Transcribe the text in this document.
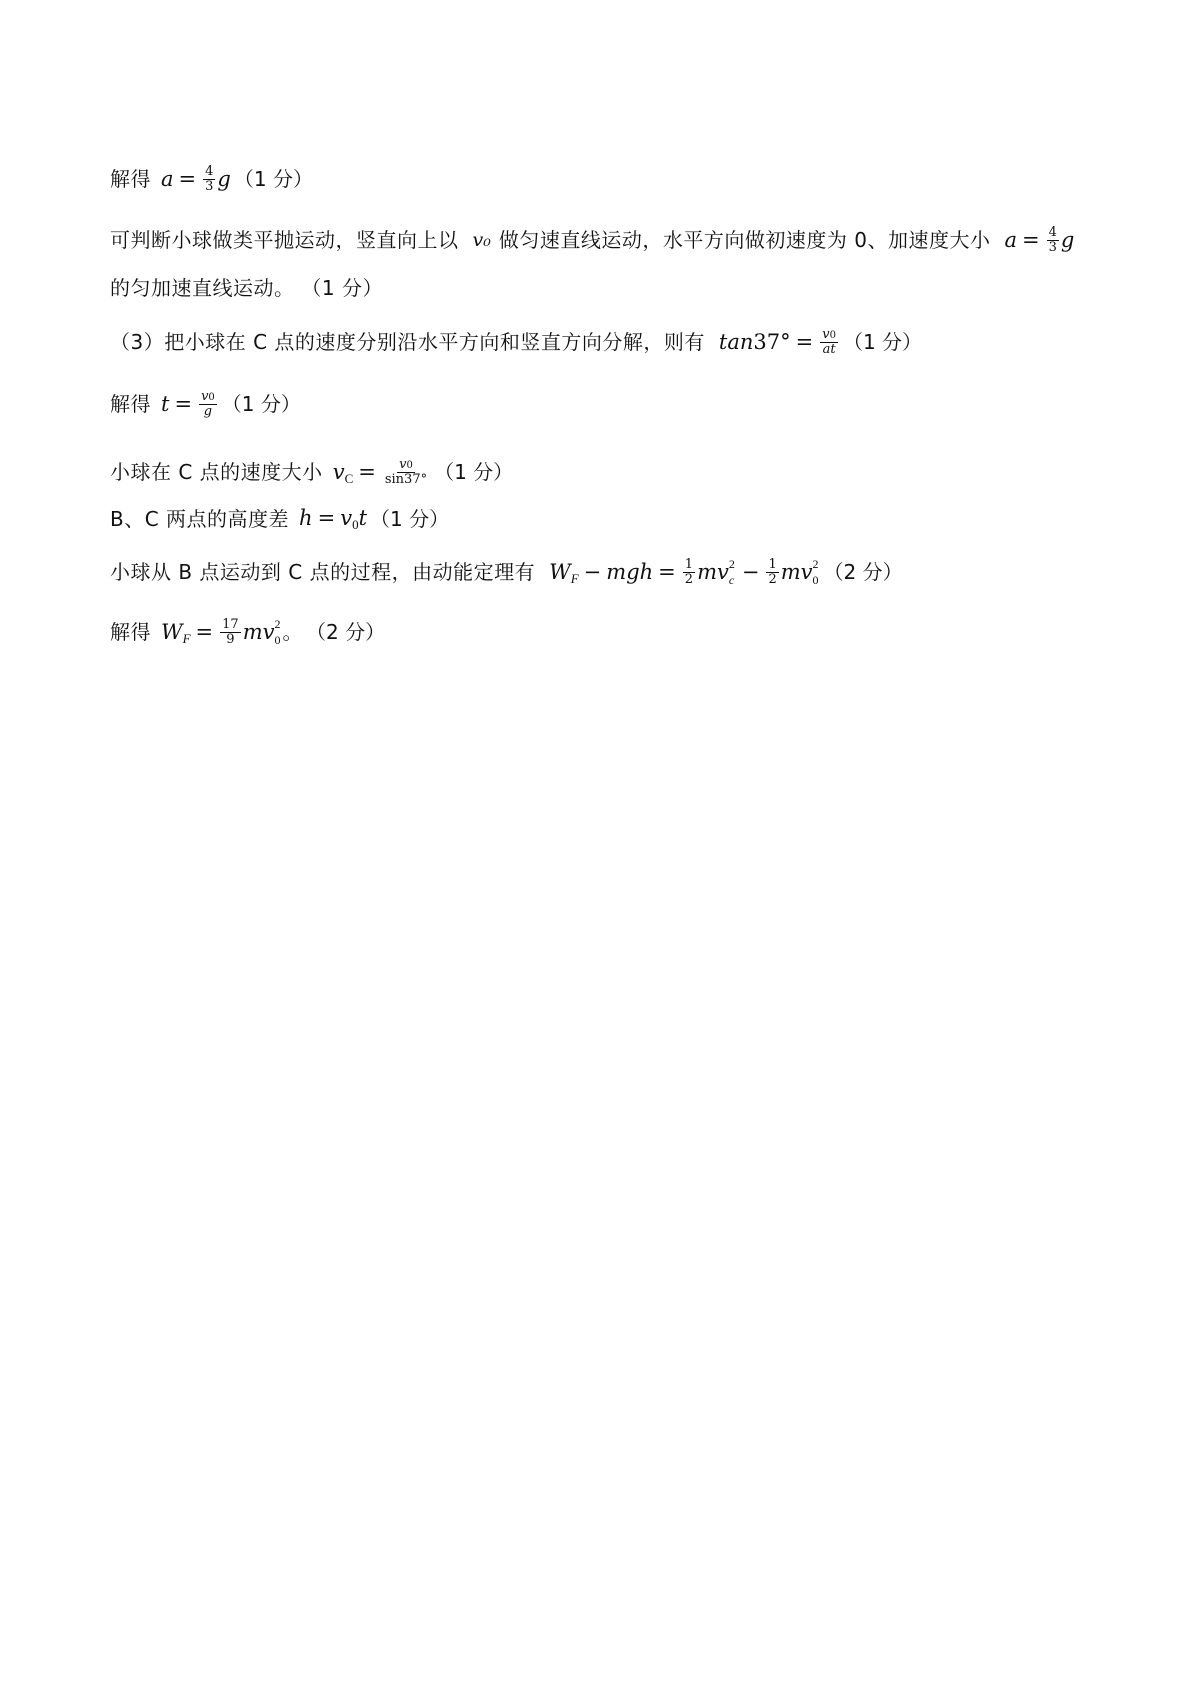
解得 $a = \frac{4}{3}$ g （1 分）
可判断小球做类平抛运动，竖直向上以 v₀ 做匀速直线运动，水平方向做初速度为 0、加速度大小 $a = \frac{4}{3}$ g
的匀加速直线运动。 （1 分）
（3）把小球在 C 点的速度分别沿水平方向和竖直方向分解，则有 $\tan 37^\circ = \frac{v0}{at} (1$ 分）
解得 $t = \frac{v0}{g} (1$ 分）
小球在 C 点的速度大小 v $C = \frac{v0}{\sin 37^\circ} (1$ 分）
B、C 两点的高度差 h = v 0 t （1 分）
小球从 B 点运动到 C 点的过程，由动能定理有 W F − mgh = $\frac{1}{2}$ mv 2
$c - \frac{1}{2}$ mv 2
0 （2 分）
解得 W $F = \frac{17}{9}$ mv 2
0 。 （2 分）
